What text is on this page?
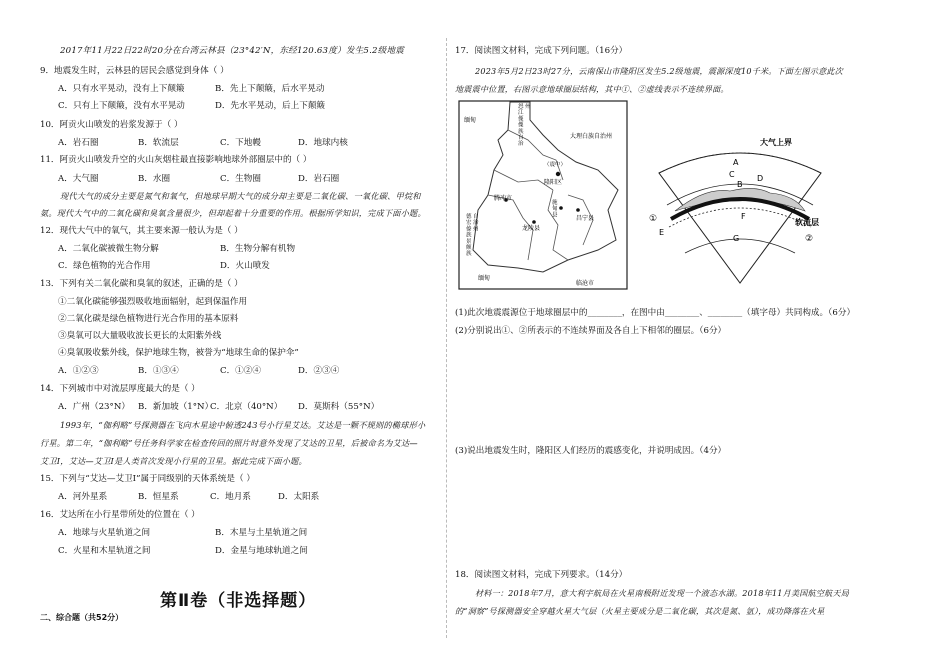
2017年11月22日22时20分在台湾云林县（23°42′N，东经120.63度）发生5.2级地震
9．地震发生时，云林县的居民会感觉到身体（ ）
A．只有水平晃动，没有上下颠簸	B．先上下颠簸，后水平晃动
C．只有上下颠簸，没有水平晃动	D．先水平晃动，后上下颠簸
10．阿贡火山喷发的岩浆发源于（ ）
A．岩石圈	B．软流层	C．下地幔	D．地球内核
11．阿贡火山喷发升空的火山灰烟柱最直接影响地球外部圈层中的（ ）
A．大气圈	B．水圈	C．生物圈	D．岩石圈
现代大气的成分主要是氮气和氧气，但地球早期大气的成分却主要是二氧化碳、一氧化碳、甲烷和
氨。现代大气中的二氧化碳和臭氧含量很少，但却起着十分重要的作用。根据所学知识，完成下面小题。
12．现代大气中的氧气，其主要来源一般认为是（ ）
A．二氧化碳被微生物分解	B．生物分解有机物
C．绿色植物的光合作用	D．火山喷发
13．下列有关二氧化碳和臭氧的叙述，正确的是（ ）
①二氧化碳能够强烈吸收地面辐射，起到保温作用
②二氧化碳是绿色植物进行光合作用的基本原料
③臭氧可以大量吸收波长更长的太阳紫外线
④臭氧吸收紫外线，保护地球生物，被誉为“地球生命的保护伞”
A．①②③	B．①③④	C．①②④	D．②③④
14．下列城市中对流层厚度最大的是（ ）
A．广州（23°N） B．新加坡（1°N）
C．北京（40°N） D．莫斯科（55°N）
1993年，“伽利略”号探测器在飞向木星途中俯透243号小行星艾达。艾达是一颗不规则的椭球形小
行星。第二年，“伽利略”号任务科学家在检查传回的照片时意外发现了艾达的卫星，后被命名为艾达—
艾卫Ⅰ，艾达—艾卫Ⅰ是人类首次发现小行星的卫星。据此完成下面小题。
15．下列与“艾达—艾卫Ⅰ”属于同级别的天体系统是（ ）
A．河外星系	B．恒星系	C．地月系	D．太阳系
16．艾达所在小行星带所处的位置在（ ）
A．地球与火星轨道之间	B．木星与土星轨道之间
C．火星和木星轨道之间	D．金星与地球轨道之间
第Ⅱ卷（非选择题）
二、综合题（共52分）
17．阅读图文材料，完成下列问题。（16分）
2023年5月2日23时27分，云南保山市隆阳区发生5.2级地震，震源深度10千米。下面左图示意此次
地震震中位置，右图示意地球圈层结构，其中①、②虚线表示不连续界面。
缅甸
缅甸
临沧市
大理白族自治州
腾冲市
（震中）
隆阳区
龙陵县
昌宁县
怒江傈僳族自治州
德宏傣族景颇族自治州
施甸县
大气上界
软流层
A
B
C	D
E
F
G
①
②
(1)此次地震震源位于地球圈层中的________，在图中由________、________（填字母）共同构成。（6分）
(2)分别说出①、②所表示的不连续界面及各自上下相邻的圈层。（6分）
(3)说出地震发生时，隆阳区人们经历的震感变化，并说明成因。（4分）
18．阅读图文材料，完成下列要求。（14分）
材料一：2018年7月，意大利宇航局在火星南极附近发现一个液态水湖。2018年11月美国航空航天局
的“洞察”号探测器安全穿越火星大气层（火星主要成分是二氧化碳，其次是氮、氩），成功降落在火星
